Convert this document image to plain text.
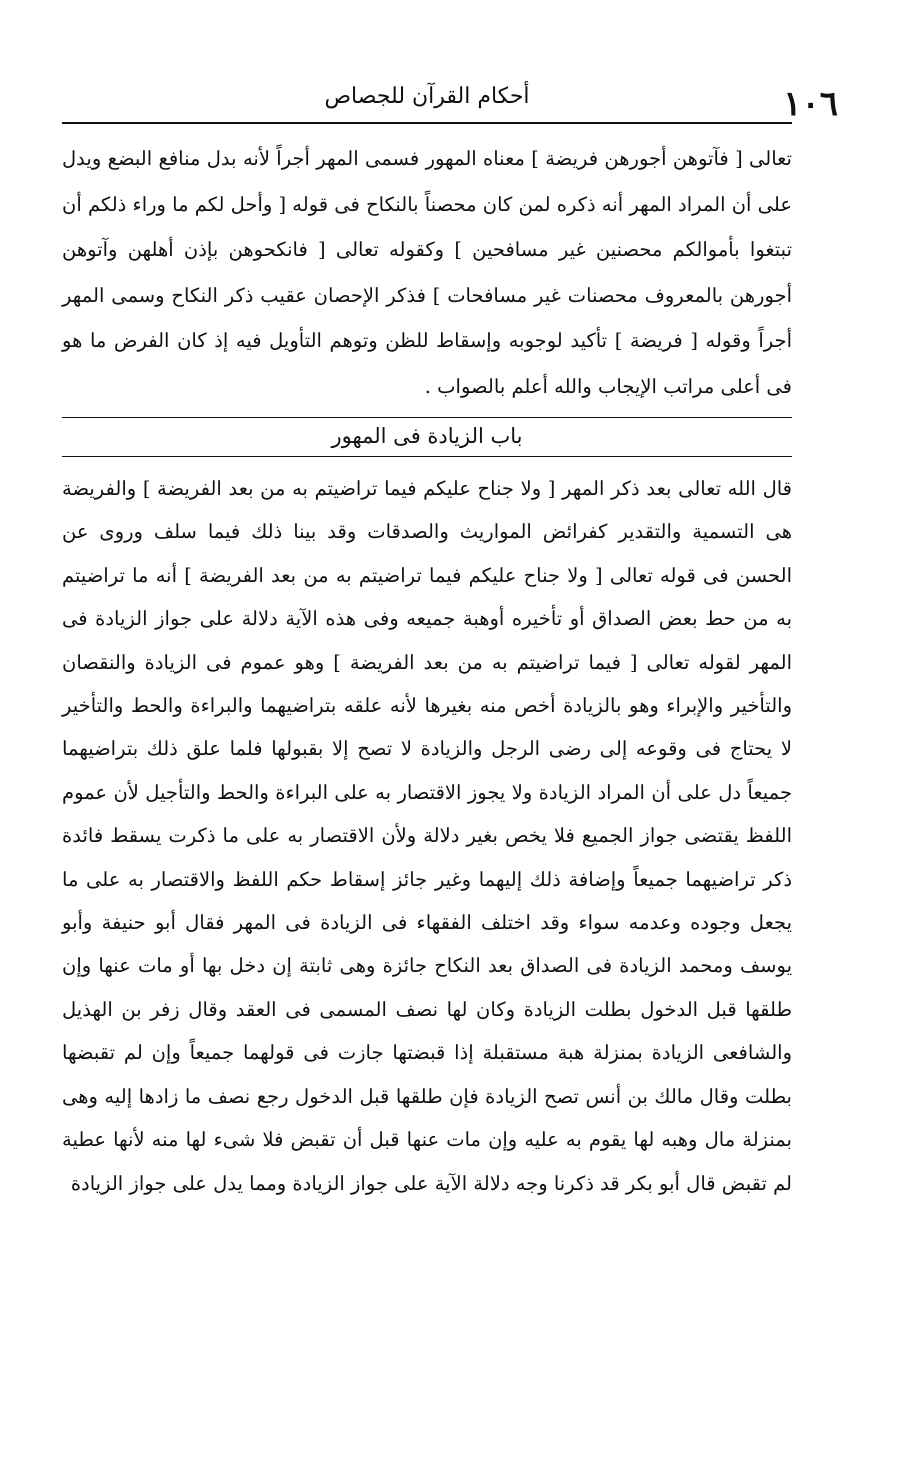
١٠٦
أحكام القرآن للجصاص

تعالى [ فآتوهن أجورهن فريضة ] معناه المهور فسمى المهر أجراً لأنه بدل منافع البضع ويدل على أن المراد المهر أنه ذكره لمن كان محصناً بالنكاح فى قوله [ وأحل لكم ما وراء ذلكم أن تبتغوا بأموالكم محصنين غير مسافحين ] وكقوله تعالى [ فانكحوهن بإذن أهلهن وآتوهن أجورهن بالمعروف محصنات غير مسافحات ] فذكر الإحصان عقيب ذكر النكاح وسمى المهر أجراً وقوله [ فريضة ] تأكيد لوجوبه وإسقاط للظن وتوهم التأويل فيه إذ كان الفرض ما هو فى أعلى مراتب الإيجاب والله أعلم بالصواب .

باب الزيادة فى المهور

قال الله تعالى بعد ذكر المهر [ ولا جناح عليكم فيما تراضيتم به من بعد الفريضة ] والفريضة هى التسمية والتقدير كفرائض المواريث والصدقات وقد بينا ذلك فيما سلف وروى عن الحسن فى قوله تعالى [ ولا جناح عليكم فيما تراضيتم به من بعد الفريضة ] أنه ما تراضيتم به من حط بعض الصداق أو تأخيره أوهبة جميعه وفى هذه الآية دلالة على جواز الزيادة فى المهر لقوله تعالى [ فيما تراضيتم به من بعد الفريضة ] وهو عموم فى الزيادة والنقصان والتأخير والإبراء وهو بالزيادة أخص منه بغيرها لأنه علقه بتراضيهما والبراءة والحط والتأخير لا يحتاج فى وقوعه إلى رضى الرجل والزيادة لا تصح إلا بقبولها فلما علق ذلك بتراضيهما جميعاً دل على أن المراد الزيادة ولا يجوز الاقتصار به على البراءة والحط والتأجيل لأن عموم اللفظ يقتضى جواز الجميع فلا يخص بغير دلالة ولأن الاقتصار به على ما ذكرت يسقط فائدة ذكر تراضيهما جميعاً وإضافة ذلك إليهما وغير جائز إسقاط حكم اللفظ والاقتصار به على ما يجعل وجوده وعدمه سواء وقد اختلف الفقهاء فى الزيادة فى المهر فقال أبو حنيفة وأبو يوسف ومحمد الزيادة فى الصداق بعد النكاح جائزة وهى ثابتة إن دخل بها أو مات عنها وإن طلقها قبل الدخول بطلت الزيادة وكان لها نصف المسمى فى العقد وقال زفر بن الهذيل والشافعى الزيادة بمنزلة هبة مستقبلة إذا قبضتها جازت فى قولهما جميعاً وإن لم تقبضها بطلت وقال مالك بن أنس تصح الزيادة فإن طلقها قبل الدخول رجع نصف ما زادها إليه وهى بمنزلة مال وهبه لها يقوم به عليه وإن مات عنها قبل أن تقبض فلا شىء لها منه لأنها عطية لم تقبض قال أبو بكر قد ذكرنا وجه دلالة الآية على جواز الزيادة ومما يدل على جواز الزيادة
